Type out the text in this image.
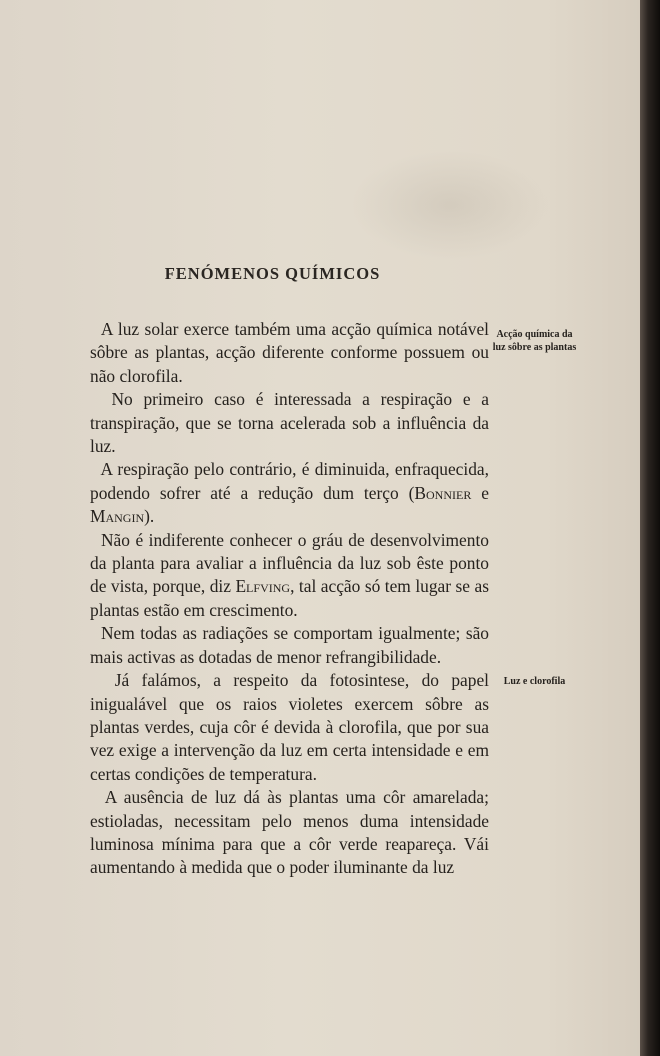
FENÓMENOS QUÍMICOS
Acção química da luz sôbre as plantas
Luz e clorofila

A luz solar exerce também uma acção química notável sôbre as plantas, acção diferente conforme possuem ou não clorofila.

No primeiro caso é interessada a respiração e a transpiração, que se torna acelerada sob a influência da luz.

A respiração pelo contrário, é diminuida, enfraquecida, podendo sofrer até a redução dum terço (Bonnier e Mangin).

Não é indiferente conhecer o gráu de desenvolvimento da planta para avaliar a influência da luz sob êste ponto de vista, porque, diz Elfving, tal acção só tem lugar se as plantas estão em crescimento.

Nem todas as radiações se comportam igualmente; são mais activas as dotadas de menor refrangibilidade.

Já falámos, a respeito da fotosintese, do papel inigualável que os raios violetes exercem sôbre as plantas verdes, cuja côr é devida à clorofila, que por sua vez exige a intervenção da luz em certa intensidade e em certas condições de temperatura.

A ausência de luz dá às plantas uma côr amarelada; estioladas, necessitam pelo menos duma intensidade luminosa mínima para que a côr verde reapareça. Vái aumentando à medida que o poder iluminante da luz
